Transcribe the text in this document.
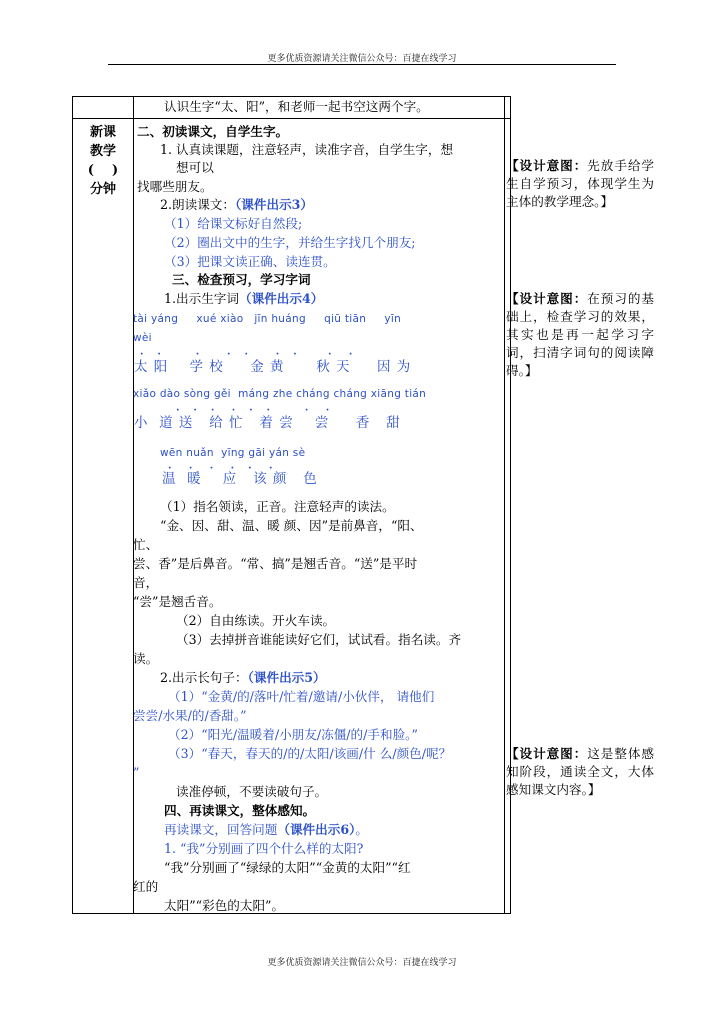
更多优质资源请关注微信公众号：百捷在线学习
认识生字“太、阳”，和老师一起书空这两个字。
新课
教学
(    )
分钟
二、初读课文，自学生字。
1. 认真读课题，注意轻声，读准字音，自学生字，想
想可以
找哪些朋友。
2.朗读课文：（课件出示3）
（1）给课文标好自然段;
（2）圈出文中的生字，并给生字找几个朋友;
（3）把课文读正确、读连贯。
三、检查预习，学习字词
1.出示生字词（课件出示4）
tài yáng     xué xiào   jīn huáng     qiū tiān     yīn
wèi
·    ·          ·        ·    ·        ·    ·         ·     ·
太 阳    学 校     金 黄      秋 天     因 为
xiǎo dào sòng gěi  máng zhe cháng cháng xiāng tián
·    ·    ·     ·    ·    ·          ·     ·
小  道 送   给 忙   着 尝    尝     香   甜
wēn nuǎn  yīng gāi yán sè
·     ·     ·     ·    ·     ·
温  暖    应   该 颜   色
（1）指名领读，正音。注意轻声的读法。
“金、因、甜、温、暖 颜、因”是前鼻音，“阳、
忙、
尝、香”是后鼻音。“常、搞”是翘舌音。“送”是平时
音，
“尝”是翘舌音。
（2）自由练读。开火车读。
（3）去掉拼音谁能读好它们，试试看。指名读。齐
读。
2.出示长句子：（课件出示5）
（1）“金黄/的/落叶/忙着/邀请/小伙伴， 请他们
尝尝/水果/的/香甜。”
（2）“阳光/温暖着/小朋友/冻僵/的/手和脸。”
（3）“春天，春天的/的/太阳/该画/什 么/颜色/呢？
”
读准停顿，不要读破句子。
四、再读课文，整体感知。
再读课文，回答问题（课件出示6）。
1. “我”分别画了四个什么样的太阳?
“我”分别画了“绿绿的太阳”“金黄的太阳”“红
红的
太阳”“彩色的太阳”。
【设计意图：先放手给学生自学预习，体现学生为主体的教学理念。】
【设计意图：在预习的基础上，检查学习的效果，其实也是再一起学习字词，扫清字词句的阅读障碍。】
【设计意图：这是整体感知阶段，通读全文，大体感知课文内容。】
更多优质资源请关注微信公众号：百捷在线学习
